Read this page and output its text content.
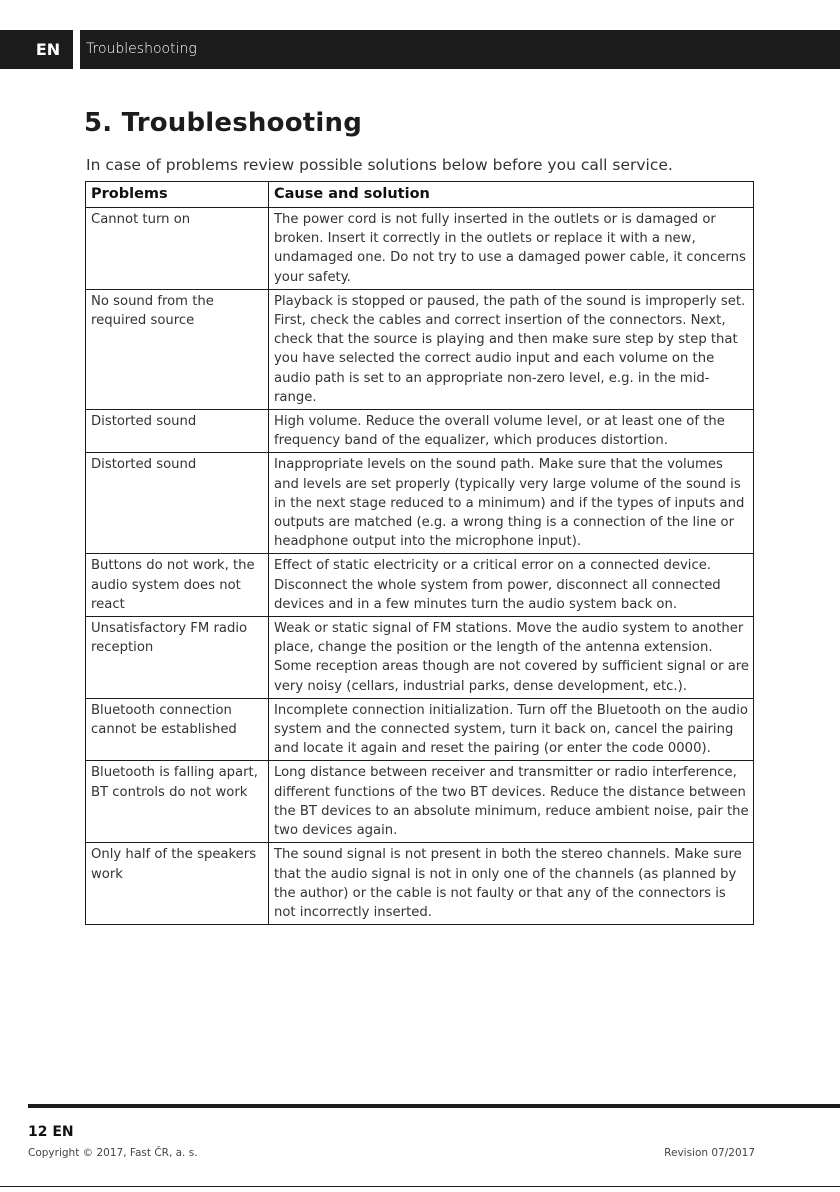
EN	Troubleshooting
5. Troubleshooting

In case of problems review possible solutions below before you call service.

Problems	Cause and solution
Cannot turn on	The power cord is not fully inserted in the outlets or is damaged or broken. Insert it correctly in the outlets or replace it with a new, undamaged one. Do not try to use a damaged power cable, it concerns your safety.
No sound from the required source	Playback is stopped or paused, the path of the sound is improperly set. First, check the cables and correct insertion of the connectors. Next, check that the source is playing and then make sure step by step that you have selected the correct audio input and each volume on the audio path is set to an appropriate non-zero level, e.g. in the mid-range.
Distorted sound	High volume. Reduce the overall volume level, or at least one of the frequency band of the equalizer, which produces distortion.
Distorted sound	Inappropriate levels on the sound path. Make sure that the volumes and levels are set properly (typically very large volume of the sound is in the next stage reduced to a minimum) and if the types of inputs and outputs are matched (e.g. a wrong thing is a connection of the line or headphone output into the microphone input).
Buttons do not work, the audio system does not react	Effect of static electricity or a critical error on a connected device. Disconnect the whole system from power, disconnect all connected devices and in a few minutes turn the audio system back on.
Unsatisfactory FM radio reception	Weak or static signal of FM stations. Move the audio system to another place, change the position or the length of the antenna extension. Some reception areas though are not covered by sufficient signal or are very noisy (cellars, industrial parks, dense development, etc.).
Bluetooth connection cannot be established	Incomplete connection initialization. Turn off the Bluetooth on the audio system and the connected system, turn it back on, cancel the pairing and locate it again and reset the pairing (or enter the code 0000).
Bluetooth is falling apart, BT controls do not work	Long distance between receiver and transmitter or radio interference, different functions of the two BT devices. Reduce the distance between the BT devices to an absolute minimum, reduce ambient noise, pair the two devices again.
Only half of the speakers work	The sound signal is not present in both the stereo channels. Make sure that the audio signal is not in only one of the channels (as planned by the author) or the cable is not faulty or that any of the connectors is not incorrectly inserted.
12 EN
Copyright © 2017, Fast ČR, a. s.	Revision 07/2017
